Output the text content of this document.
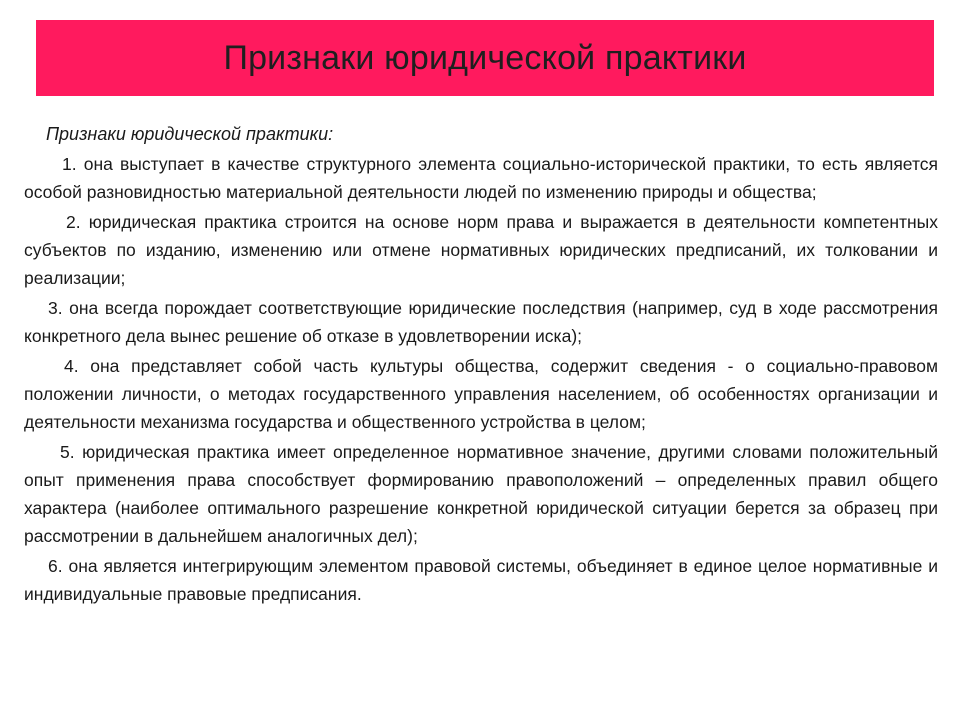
Признаки юридической практики
Признаки юридической практики:
1. она выступает в качестве структурного элемента социально-исторической практики, то есть является особой разновидностью материальной деятельности людей по изменению природы и общества;
2. юридическая практика строится на основе норм права и выражается в деятельности компетентных субъектов по изданию, изменению или отмене нормативных юридических предписаний, их толковании и реализации;
3. она всегда порождает соответствующие юридические последствия (например, суд в ходе рассмотрения конкретного дела вынес решение об отказе в удовлетворении иска);
4. она представляет собой часть культуры общества, содержит сведения - о социально-правовом положении личности, о методах государственного управления населением, об особенностях организации и деятельности механизма государства и общественного устройства в целом;
5. юридическая практика имеет определенное нормативное значение, другими словами положительный опыт применения права способствует формированию правоположений – определенных правил общего характера (наиболее оптимального разрешение конкретной юридической ситуации берется за образец при рассмотрении в дальнейшем аналогичных дел);
6. она является интегрирующим элементом правовой системы, объединяет в единое целое нормативные и индивидуальные правовые предписания.
